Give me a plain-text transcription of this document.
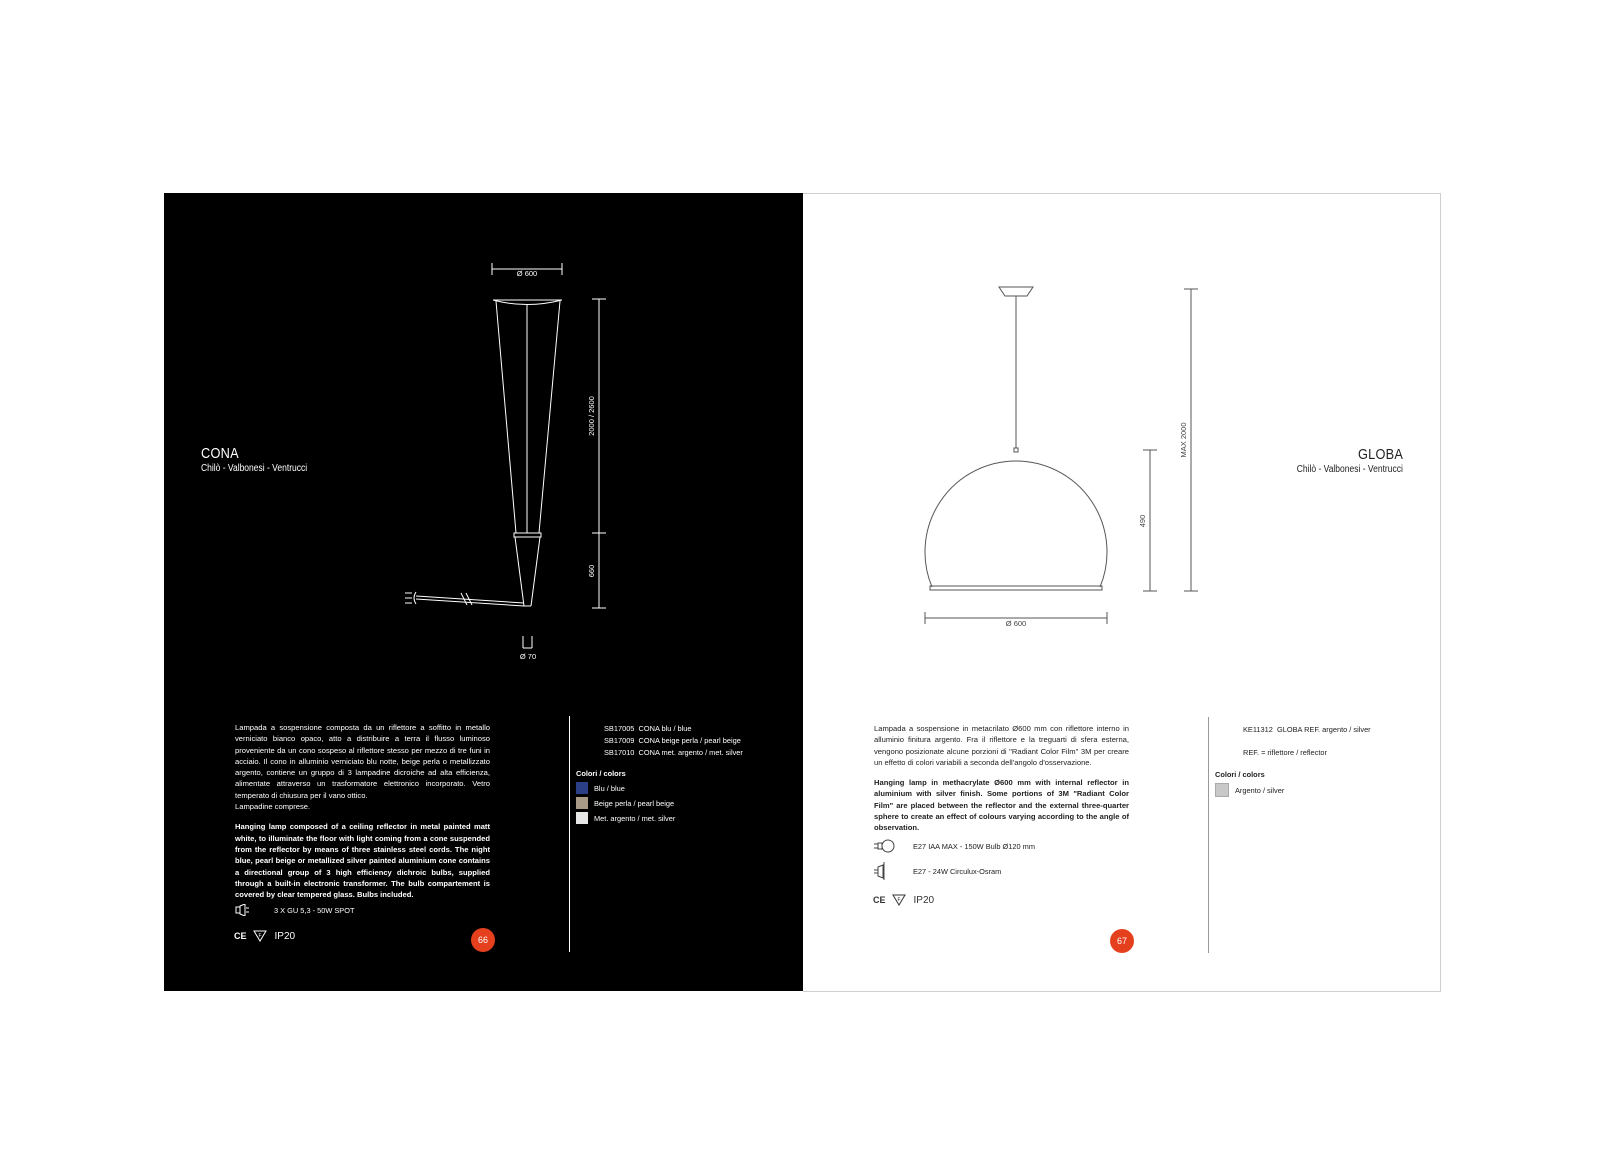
Ø 600
2000 / 2600
660
Ø 70
CONA
Chilò - Valbonesi - Ventrucci

Lampada a sospensione composta da un riflettore a soffitto in metallo verniciato bianco opaco, atto a distribuire a terra il flusso luminoso proveniente da un cono sospeso al riflettore stesso per mezzo di tre funi in acciaio. Il cono in alluminio verniciato blu notte, beige perla o metallizzato argento, contiene un gruppo di 3 lampadine dicroiche ad alta efficienza, alimentate attraverso un trasformatore elettronico incorporato. Vetro temperato di chiusura per il vano ottico.
Lampadine comprese.

Hanging lamp composed of a ceiling reflector in metal painted matt white, to illuminate the floor with light coming from a cone suspended from the reflector by means of three stainless steel cords. The night blue, pearl beige or metallized silver painted aluminium cone contains a directional group of 3 high efficiency dichroic bulbs, supplied through a built-in electronic transformer. The bulb compartement is covered by clear tempered glass. Bulbs included.

3 X GU 5,3 - 50W SPOT
CE F IP20	66
SB17005 CONA blu / blue
SB17009 CONA beige perla / pearl beige
SB17010 CONA met. argento / met. silver
Colori / colors
Blu / blue
Beige perla / pearl beige
Met. argento / met. silver
Ø 600
490
MAX 2000	GLOBA
Chilò - Valbonesi - Ventrucci

Lampada a sospensione in metacrilato Ø600 mm con riflettore interno in alluminio finitura argento. Fra il riflettore e la treguarti di sfera esterna, vengono posizionate alcune porzioni di "Radiant Color Film" 3M per creare un effetto di colori variabili a seconda dell'angolo d'osservazione.

Hanging lamp in methacrylate Ø600 mm with internal reflector in aluminium with silver finish. Some portions of 3M "Radiant Color Film" are placed between the reflector and the external three-quarter sphere to create an effect of colours varying according to the angle of observation.

E27 IAA MAX - 150W Bulb Ø120 mm
E27 - 24W Circulux-Osram
CE F IP20
67
KE11312 GLOBA REF. argento / silver
REF. = riflettore / reflector
Colori / colors
Argento / silver
